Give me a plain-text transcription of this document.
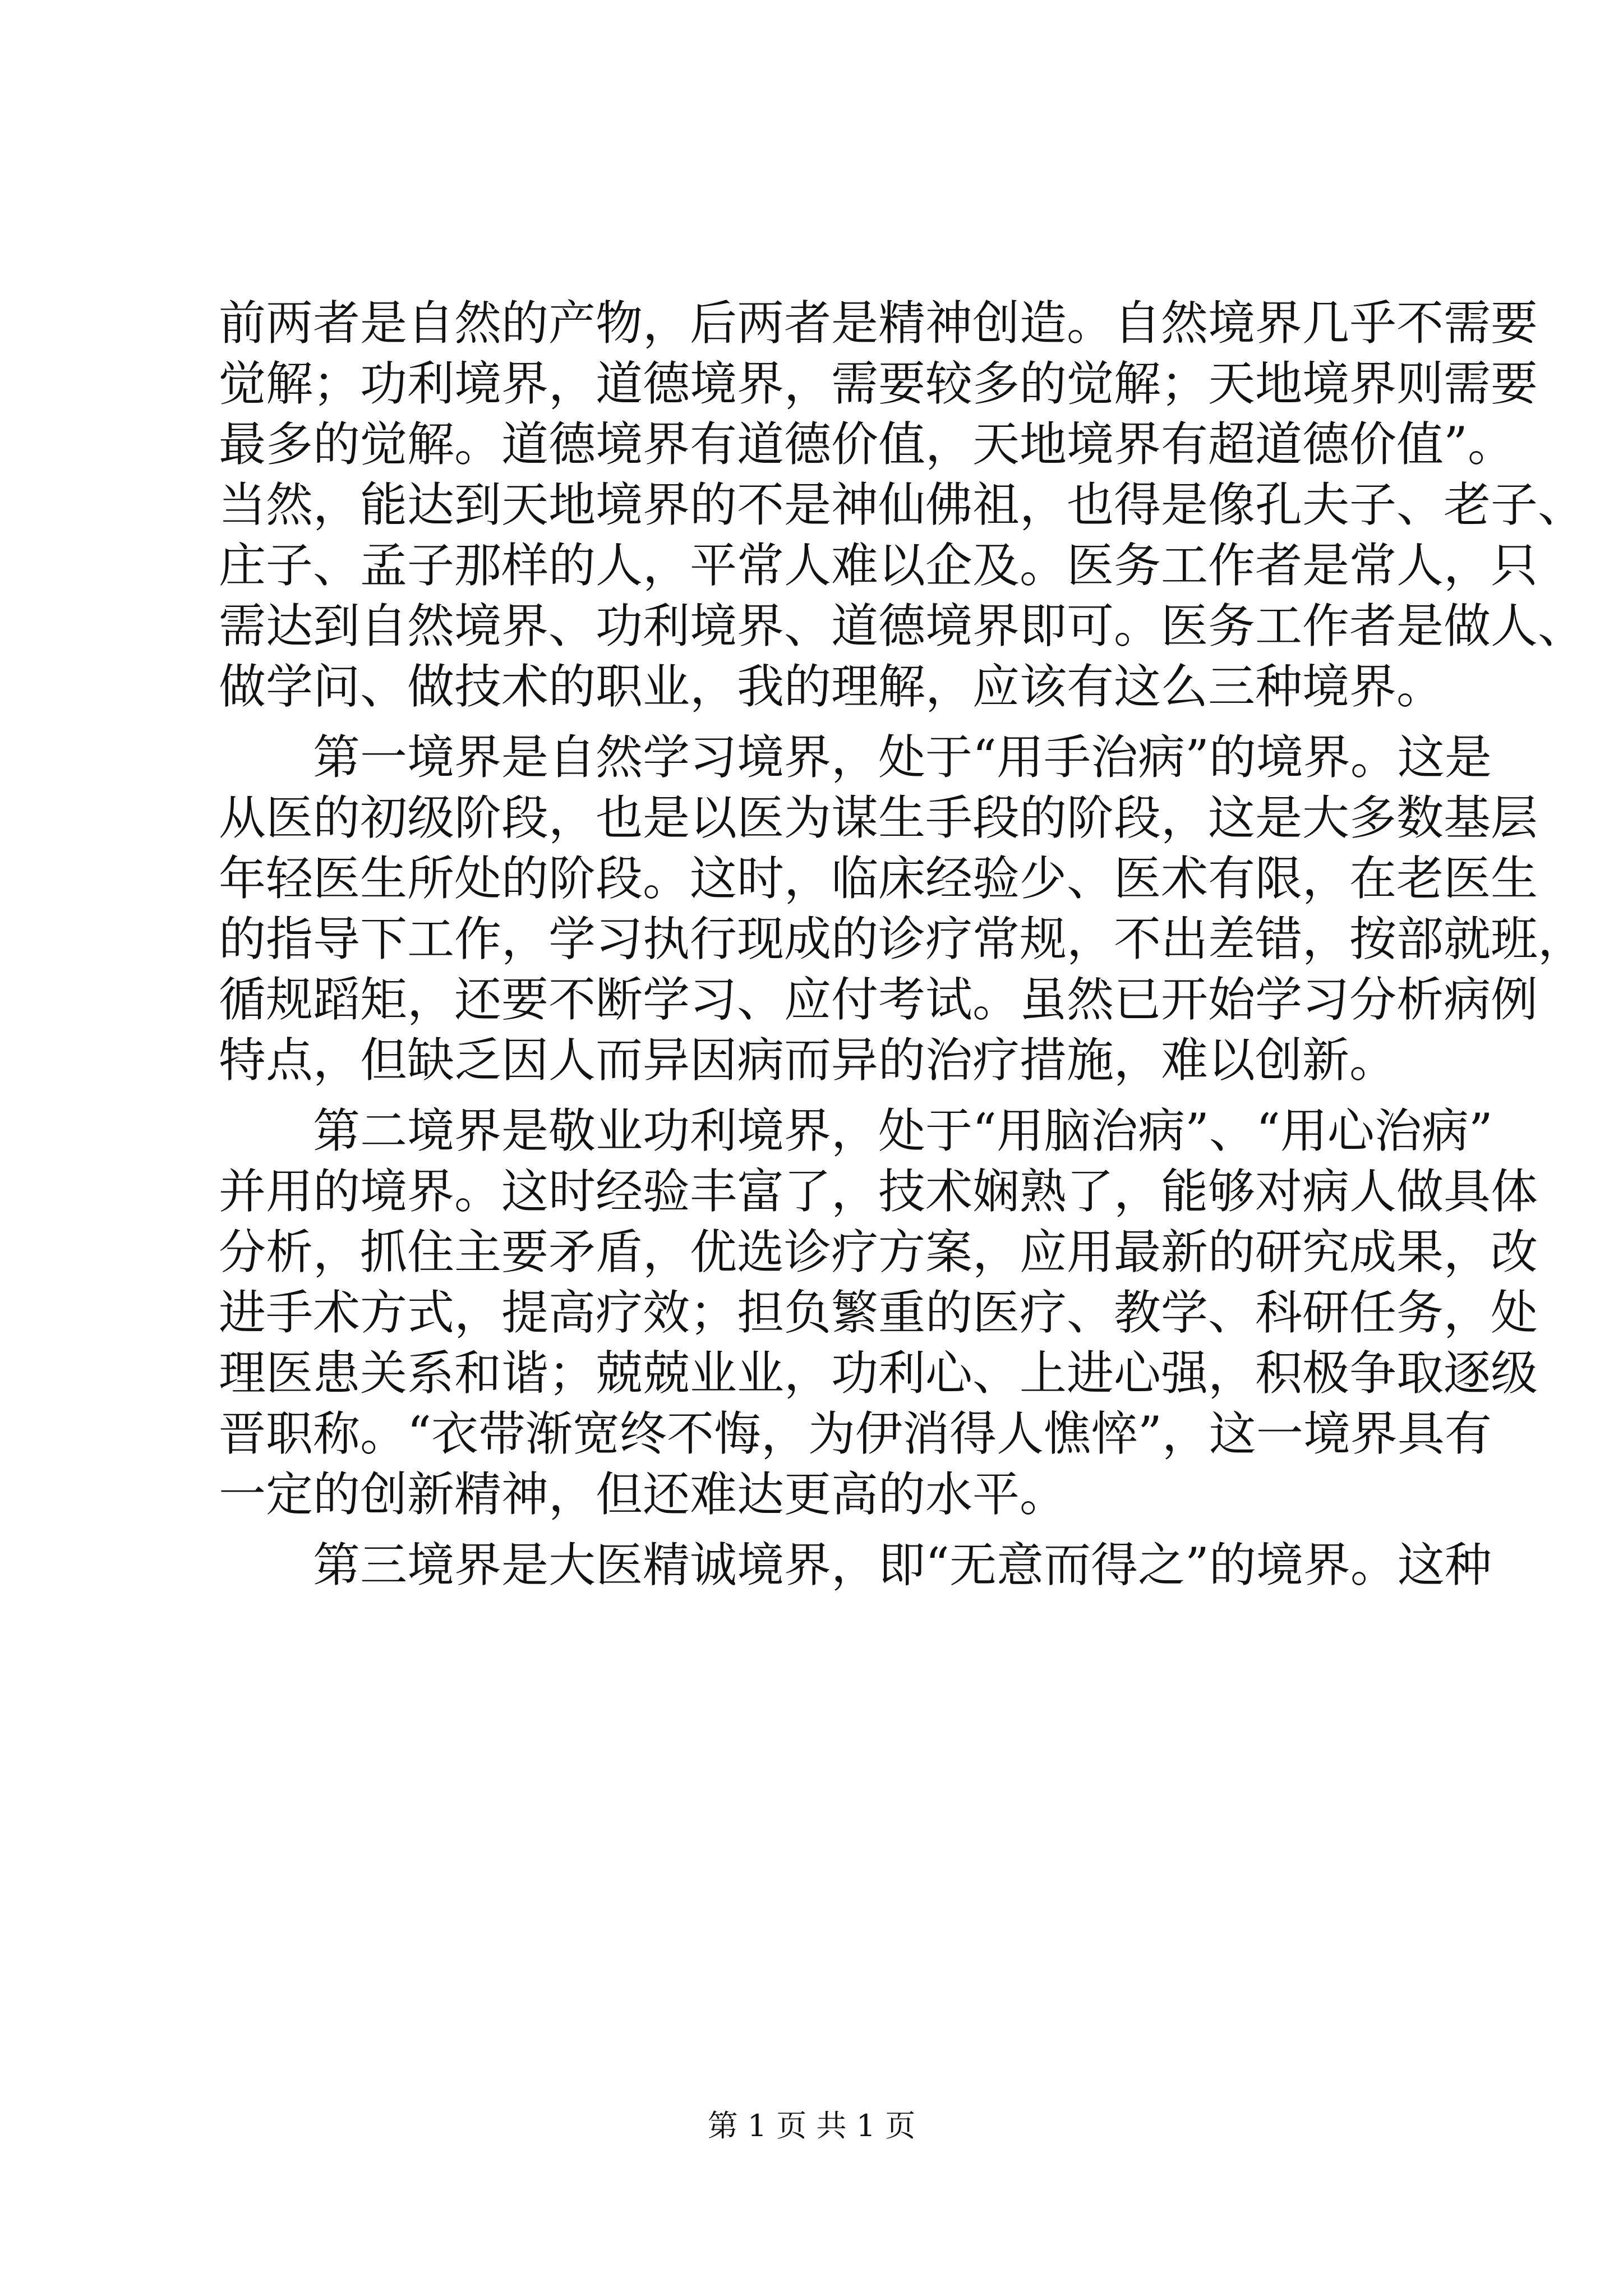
前两者是自然的产物，后两者是精神创造。自然境界几乎不需要
觉解；功利境界，道德境界，需要较多的觉解；天地境界则需要
最多的觉解。道德境界有道德价值，天地境界有超道德价值”。
当然，能达到天地境界的不是神仙佛祖，也得是像孔夫子、老子、
庄子、孟子那样的人，平常人难以企及。医务工作者是常人，只
需达到自然境界、功利境界、道德境界即可。医务工作者是做人、
做学问、做技术的职业，我的理解，应该有这么三种境界。
　　第一境界是自然学习境界，处于“用手治病”的境界。这是
从医的初级阶段，也是以医为谋生手段的阶段，这是大多数基层
年轻医生所处的阶段。这时，临床经验少、医术有限，在老医生
的指导下工作，学习执行现成的诊疗常规，不出差错，按部就班，
循规蹈矩，还要不断学习、应付考试。虽然已开始学习分析病例
特点，但缺乏因人而异因病而异的治疗措施，难以创新。
　　第二境界是敬业功利境界，处于“用脑治病”、“用心治病”
并用的境界。这时经验丰富了，技术娴熟了，能够对病人做具体
分析，抓住主要矛盾，优选诊疗方案，应用最新的研究成果，改
进手术方式，提高疗效；担负繁重的医疗、教学、科研任务，处
理医患关系和谐；兢兢业业，功利心、上进心强，积极争取逐级
晋职称。“衣带渐宽终不悔，为伊消得人憔悴”，这一境界具有
一定的创新精神，但还难达更高的水平。
　　第三境界是大医精诚境界，即“无意而得之”的境界。这种
第 1 页 共 1 页
